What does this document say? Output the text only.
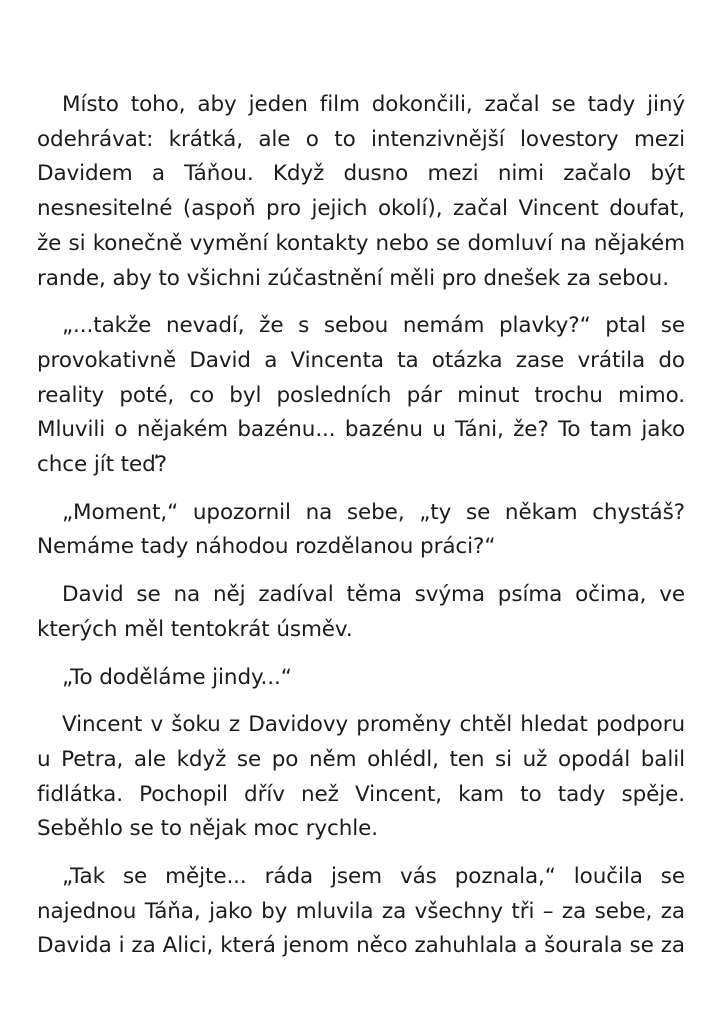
Místo toho, aby jeden film dokončili, začal se tady jiný odehrávat: krátká, ale o to intenzivnější lovestory mezi Davidem a Táňou. Když dusno mezi nimi začalo být nesnesitelné (aspoň pro jejich okolí), začal Vincent doufat, že si konečně vymění kontakty nebo se domluví na nějakém rande, aby to všichni zúčastnění měli pro dnešek za sebou.

„...takže nevadí, že s sebou nemám plavky?“ ptal se provokativně David a Vincenta ta otázka zase vrátila do reality poté, co byl posledních pár minut trochu mimo. Mluvili o nějakém bazénu... bazénu u Táni, že? To tam jako chce jít teď?

„Moment,“ upozornil na sebe, „ty se někam chystáš? Nemáme tady náhodou rozdělanou práci?“

David se na něj zadíval těma svýma psíma očima, ve kterých měl tentokrát úsměv.

„To doděláme jindy...“

Vincent v šoku z Davidovy proměny chtěl hledat podporu u Petra, ale když se po něm ohlédl, ten si už opodál balil fidlátka. Pochopil dřív než Vincent, kam to tady spěje. Seběhlo se to nějak moc rychle.

„Tak se mějte... ráda jsem vás poznala,“ loučila se najednou Táňa, jako by mluvila za všechny tři – za sebe, za Davida i za Alici, která jenom něco zahuhlala a šourala se za
